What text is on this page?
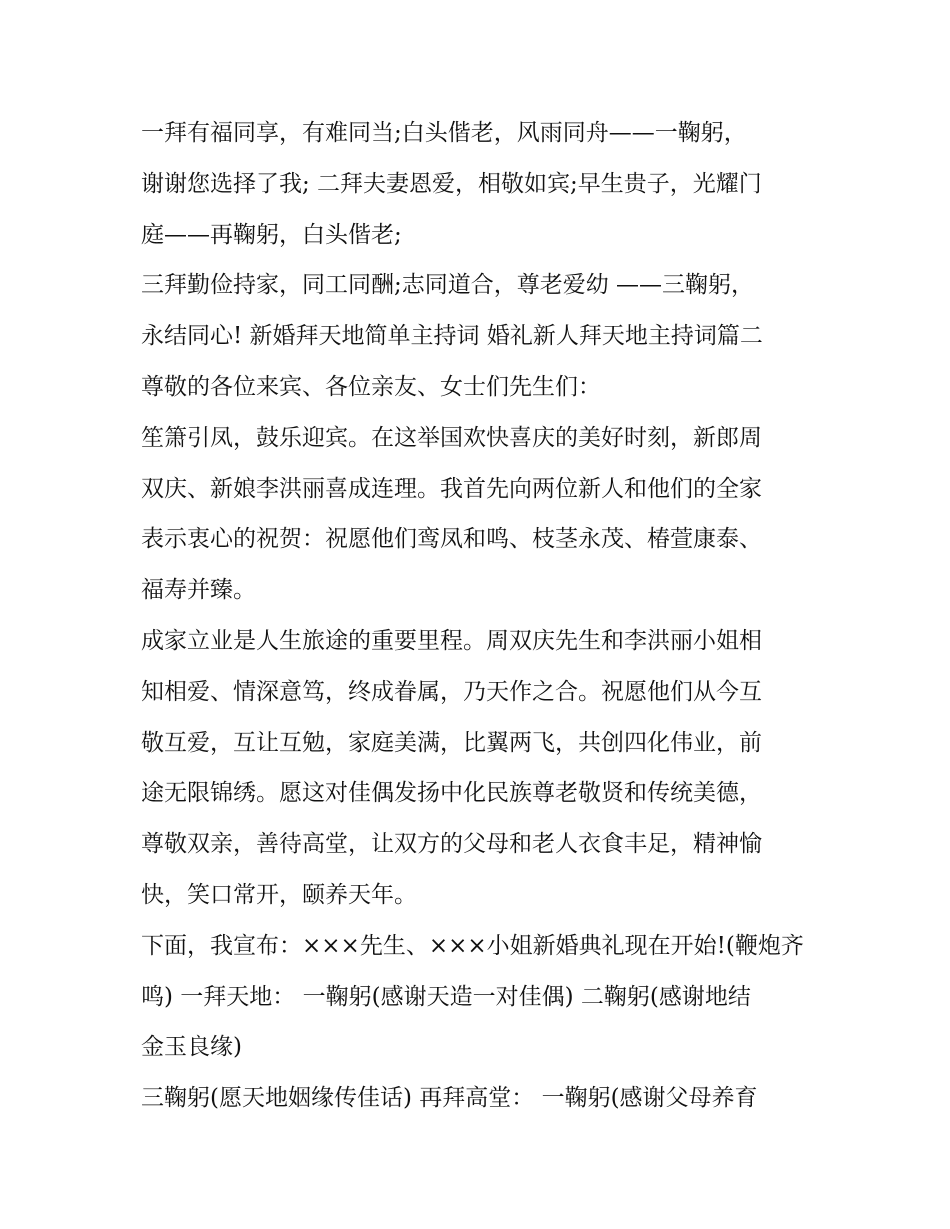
一拜有福同享，有难同当;白头偕老，风雨同舟——一鞠躬，
谢谢您选择了我; 二拜夫妻恩爱，相敬如宾;早生贵子，光耀门
庭——再鞠躬，白头偕老;
三拜勤俭持家，同工同酬;志同道合，尊老爱幼 ——三鞠躬，
永结同心! 新婚拜天地简单主持词 婚礼新人拜天地主持词篇二
尊敬的各位来宾、各位亲友、女士们先生们：
笙箫引凤，鼓乐迎宾。在这举国欢快喜庆的美好时刻，新郎周
双庆、新娘李洪丽喜成连理。我首先向两位新人和他们的全家
表示衷心的祝贺：祝愿他们鸾凤和鸣、枝茎永茂、椿萱康泰、
福寿并臻。
成家立业是人生旅途的重要里程。周双庆先生和李洪丽小姐相
知相爱、情深意笃，终成眷属，乃天作之合。祝愿他们从今互
敬互爱，互让互勉，家庭美满，比翼两飞，共创四化伟业，前
途无限锦绣。愿这对佳偶发扬中化民族尊老敬贤和传统美德，
尊敬双亲，善待高堂，让双方的父母和老人衣食丰足，精神愉
快，笑口常开，颐养天年。
下面，我宣布：×××先生、×××小姐新婚典礼现在开始!(鞭炮齐
鸣) 一拜天地： 一鞠躬(感谢天造一对佳偶) 二鞠躬(感谢地结
金玉良缘)
三鞠躬(愿天地姻缘传佳话) 再拜高堂： 一鞠躬(感谢父母养育
